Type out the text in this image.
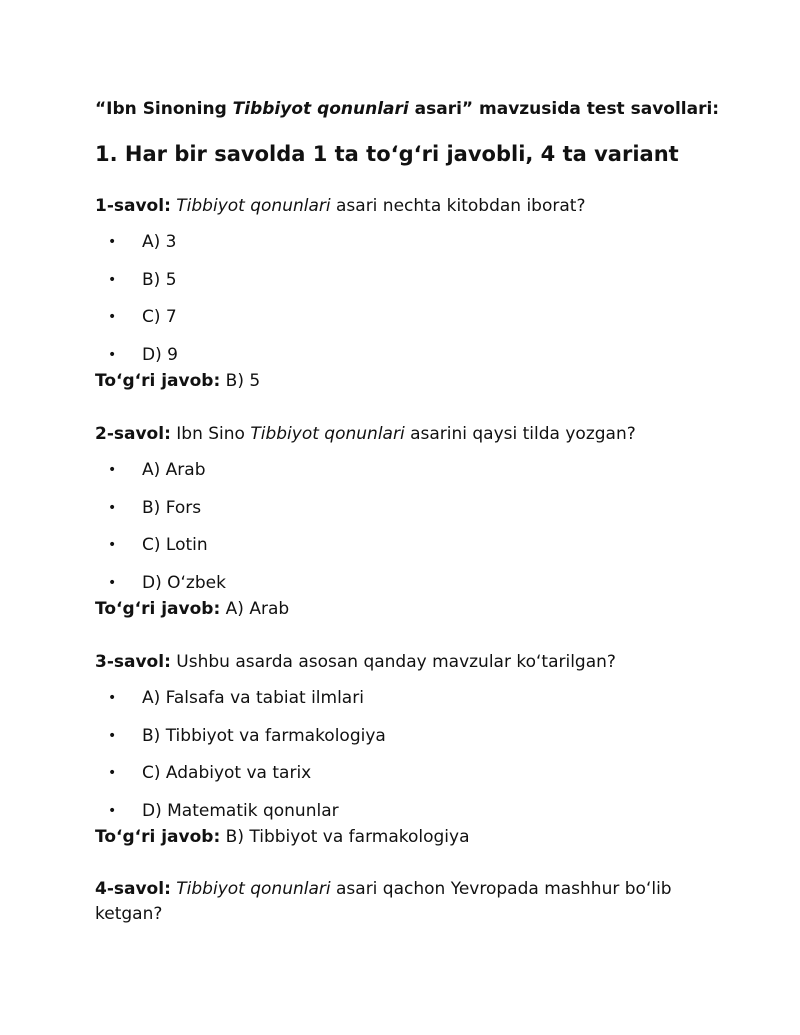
“Ibn Sinoning Tibbiyot qonunlari asari” mavzusida test savollari:

1. Har bir savolda 1 ta to‘g‘ri javobli, 4 ta variant

1-savol: Tibbiyot qonunlari asari nechta kitobdan iborat?

• A) 3
• B) 5
• C) 7
• D) 9

To‘g‘ri javob: B) 5

2-savol: Ibn Sino Tibbiyot qonunlari asarini qaysi tilda yozgan?

• A) Arab
• B) Fors
• C) Lotin
• D) O‘zbek

To‘g‘ri javob: A) Arab

3-savol: Ushbu asarda asosan qanday mavzular ko‘tarilgan?

• A) Falsafa va tabiat ilmlari
• B) Tibbiyot va farmakologiya
• C) Adabiyot va tarix
• D) Matematik qonunlar

To‘g‘ri javob: B) Tibbiyot va farmakologiya

4-savol: Tibbiyot qonunlari asari qachon Yevropada mashhur bo‘lib ketgan?
